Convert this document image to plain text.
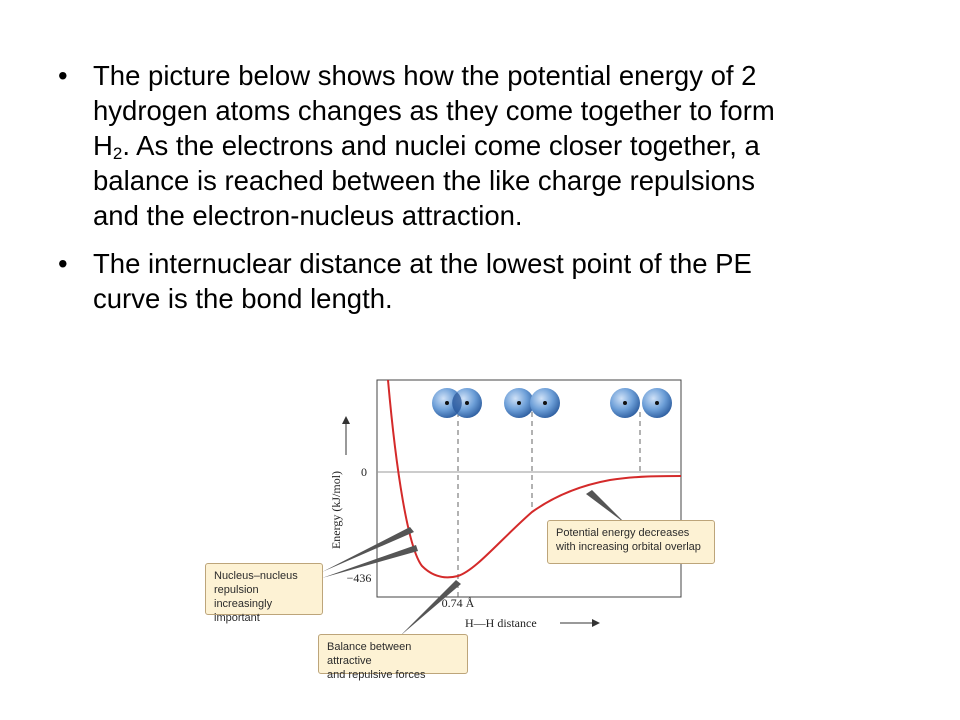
• The picture below shows how the potential energy of 2
hydrogen atoms changes as they come together to form
$H_2$. As the electrons and nuclei come closer together, a
balance is reached between the like charge repulsions
and the electron-nucleus attraction.
• The internuclear distance at the lowest point of the PE
curve is the bond length.
Energy (kJ/mol) 0
−436
0.74 Å
H—H distance
Nucleus–nucleus
repulsion increasingly
important
Potential energy decreases
with increasing orbital overlap
Balance between attractive
and repulsive forces
